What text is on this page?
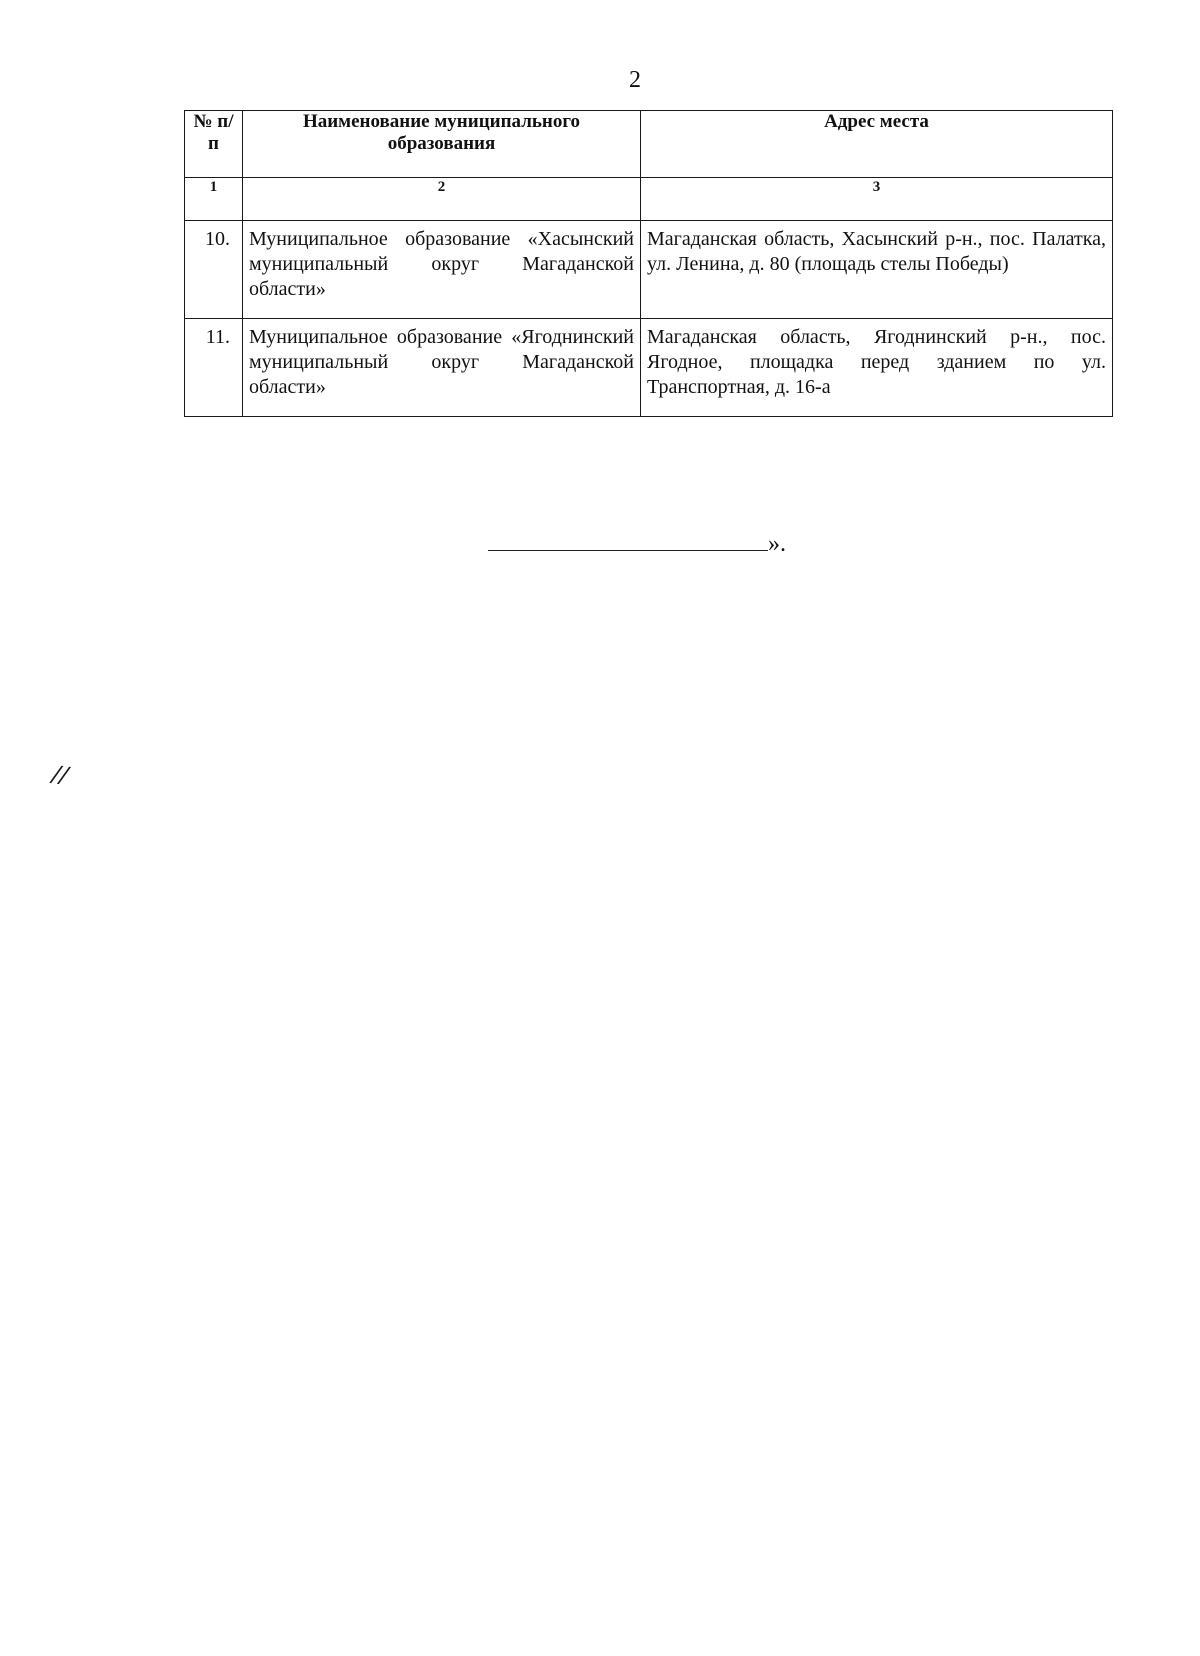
2
№ п/п	Наименование муниципального образования	Адрес места
1	2	3
10.	Муниципальное образование «Хасынский муниципальный округ Магаданской области»	Магаданская область, Хасынский р-н., пос. Палатка, ул. Ленина, д. 80 (площадь стелы Победы)
11.	Муниципальное образование «Ягоднинский муниципальный округ Магаданской области»	Магаданская область, Ягоднинский р-н., пос. Ягодное, площадка перед зданием по ул. Транспортная, д. 16-а
».
//
